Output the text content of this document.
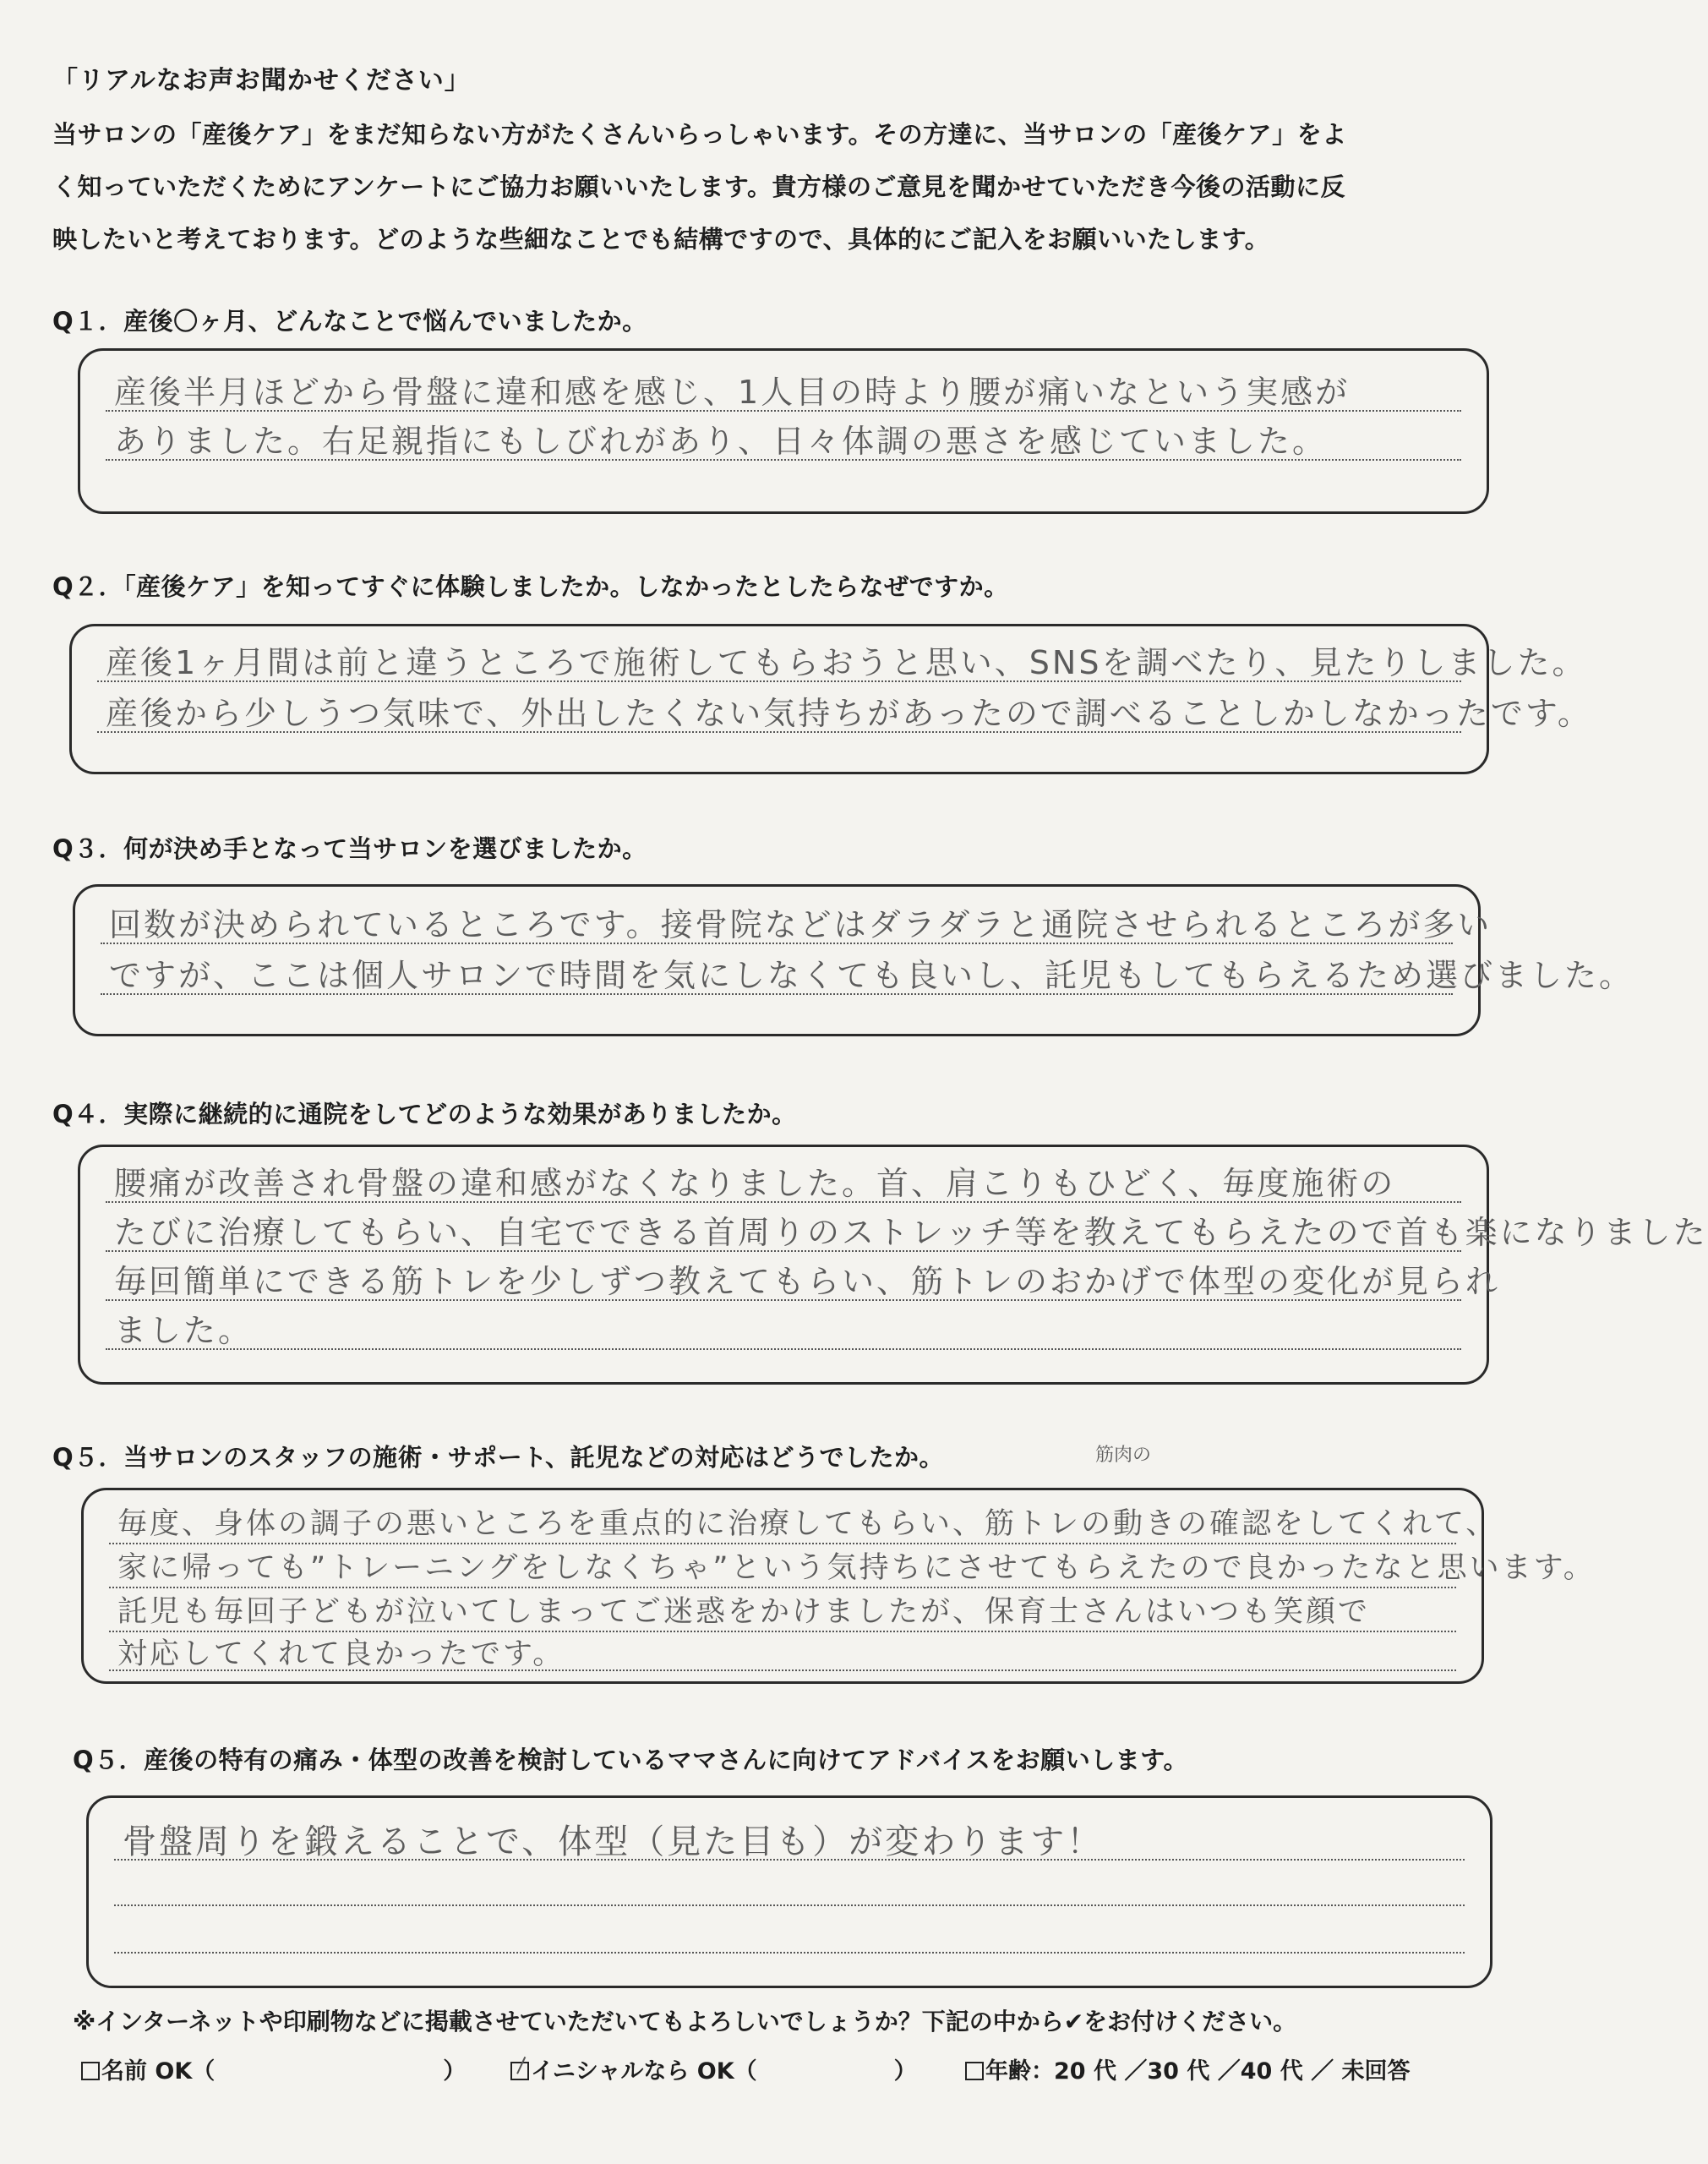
「リアルなお声お聞かせください」
当サロンの「産後ケア」をまだ知らない方がたくさんいらっしゃいます。その方達に、当サロンの「産後ケア」をよ
く知っていただくためにアンケートにご協力お願いいたします。貴方様のご意見を聞かせていただき今後の活動に反
映したいと考えております。どのような些細なことでも結構ですので、具体的にご記入をお願いいたします。
Q１．産後〇ヶ月、どんなことで悩んでいましたか。
産後半月ほどから骨盤に違和感を感じ、1人目の時より腰が痛いなという実感が
ありました。右足親指にもしびれがあり、日々体調の悪さを感じていました。
Q２．「産後ケア」を知ってすぐに体験しましたか。しなかったとしたらなぜですか。
産後1ヶ月間は前と違うところで施術してもらおうと思い、SNSを調べたり、見たりしました。
産後から少しうつ気味で、外出したくない気持ちがあったので調べることしかしなかったです。
Q３．何が決め手となって当サロンを選びましたか。
回数が決められているところです。接骨院などはダラダラと通院させられるところが多い
ですが、ここは個人サロンで時間を気にしなくても良いし、託児もしてもらえるため選びました。
Q４．実際に継続的に通院をしてどのような効果がありましたか。
腰痛が改善され骨盤の違和感がなくなりました。首、肩こりもひどく、毎度施術の
たびに治療してもらい、自宅でできる首周りのストレッチ等を教えてもらえたので首も楽になりました
毎回簡単にできる筋トレを少しずつ教えてもらい、筋トレのおかげで体型の変化が見られ
ました。
Q５．当サロンのスタッフの施術・サポート、託児などの対応はどうでしたか。	筋肉の
毎度、身体の調子の悪いところを重点的に治療してもらい、筋トレの動きの確認をしてくれて、
家に帰っても”トレーニングをしなくちゃ”という気持ちにさせてもらえたので良かったなと思います。
託児も毎回子どもが泣いてしまってご迷惑をかけましたが、保育士さんはいつも笑顔で
対応してくれて良かったです。
Q５．産後の特有の痛み・体型の改善を検討しているママさんに向けてアドバイスをお願いします。
骨盤周りを鍛えることで、体型（見た目も）が変わります！
※インターネットや印刷物などに掲載させていただいてもよろしいでしょうか？下記の中から✔をお付けください。
名前 OK（　　　　　　　　　　）	イニシャルなら OK（　　　　　　）	年齢：20 代 ／30 代 ／40 代 ／ 未回答
